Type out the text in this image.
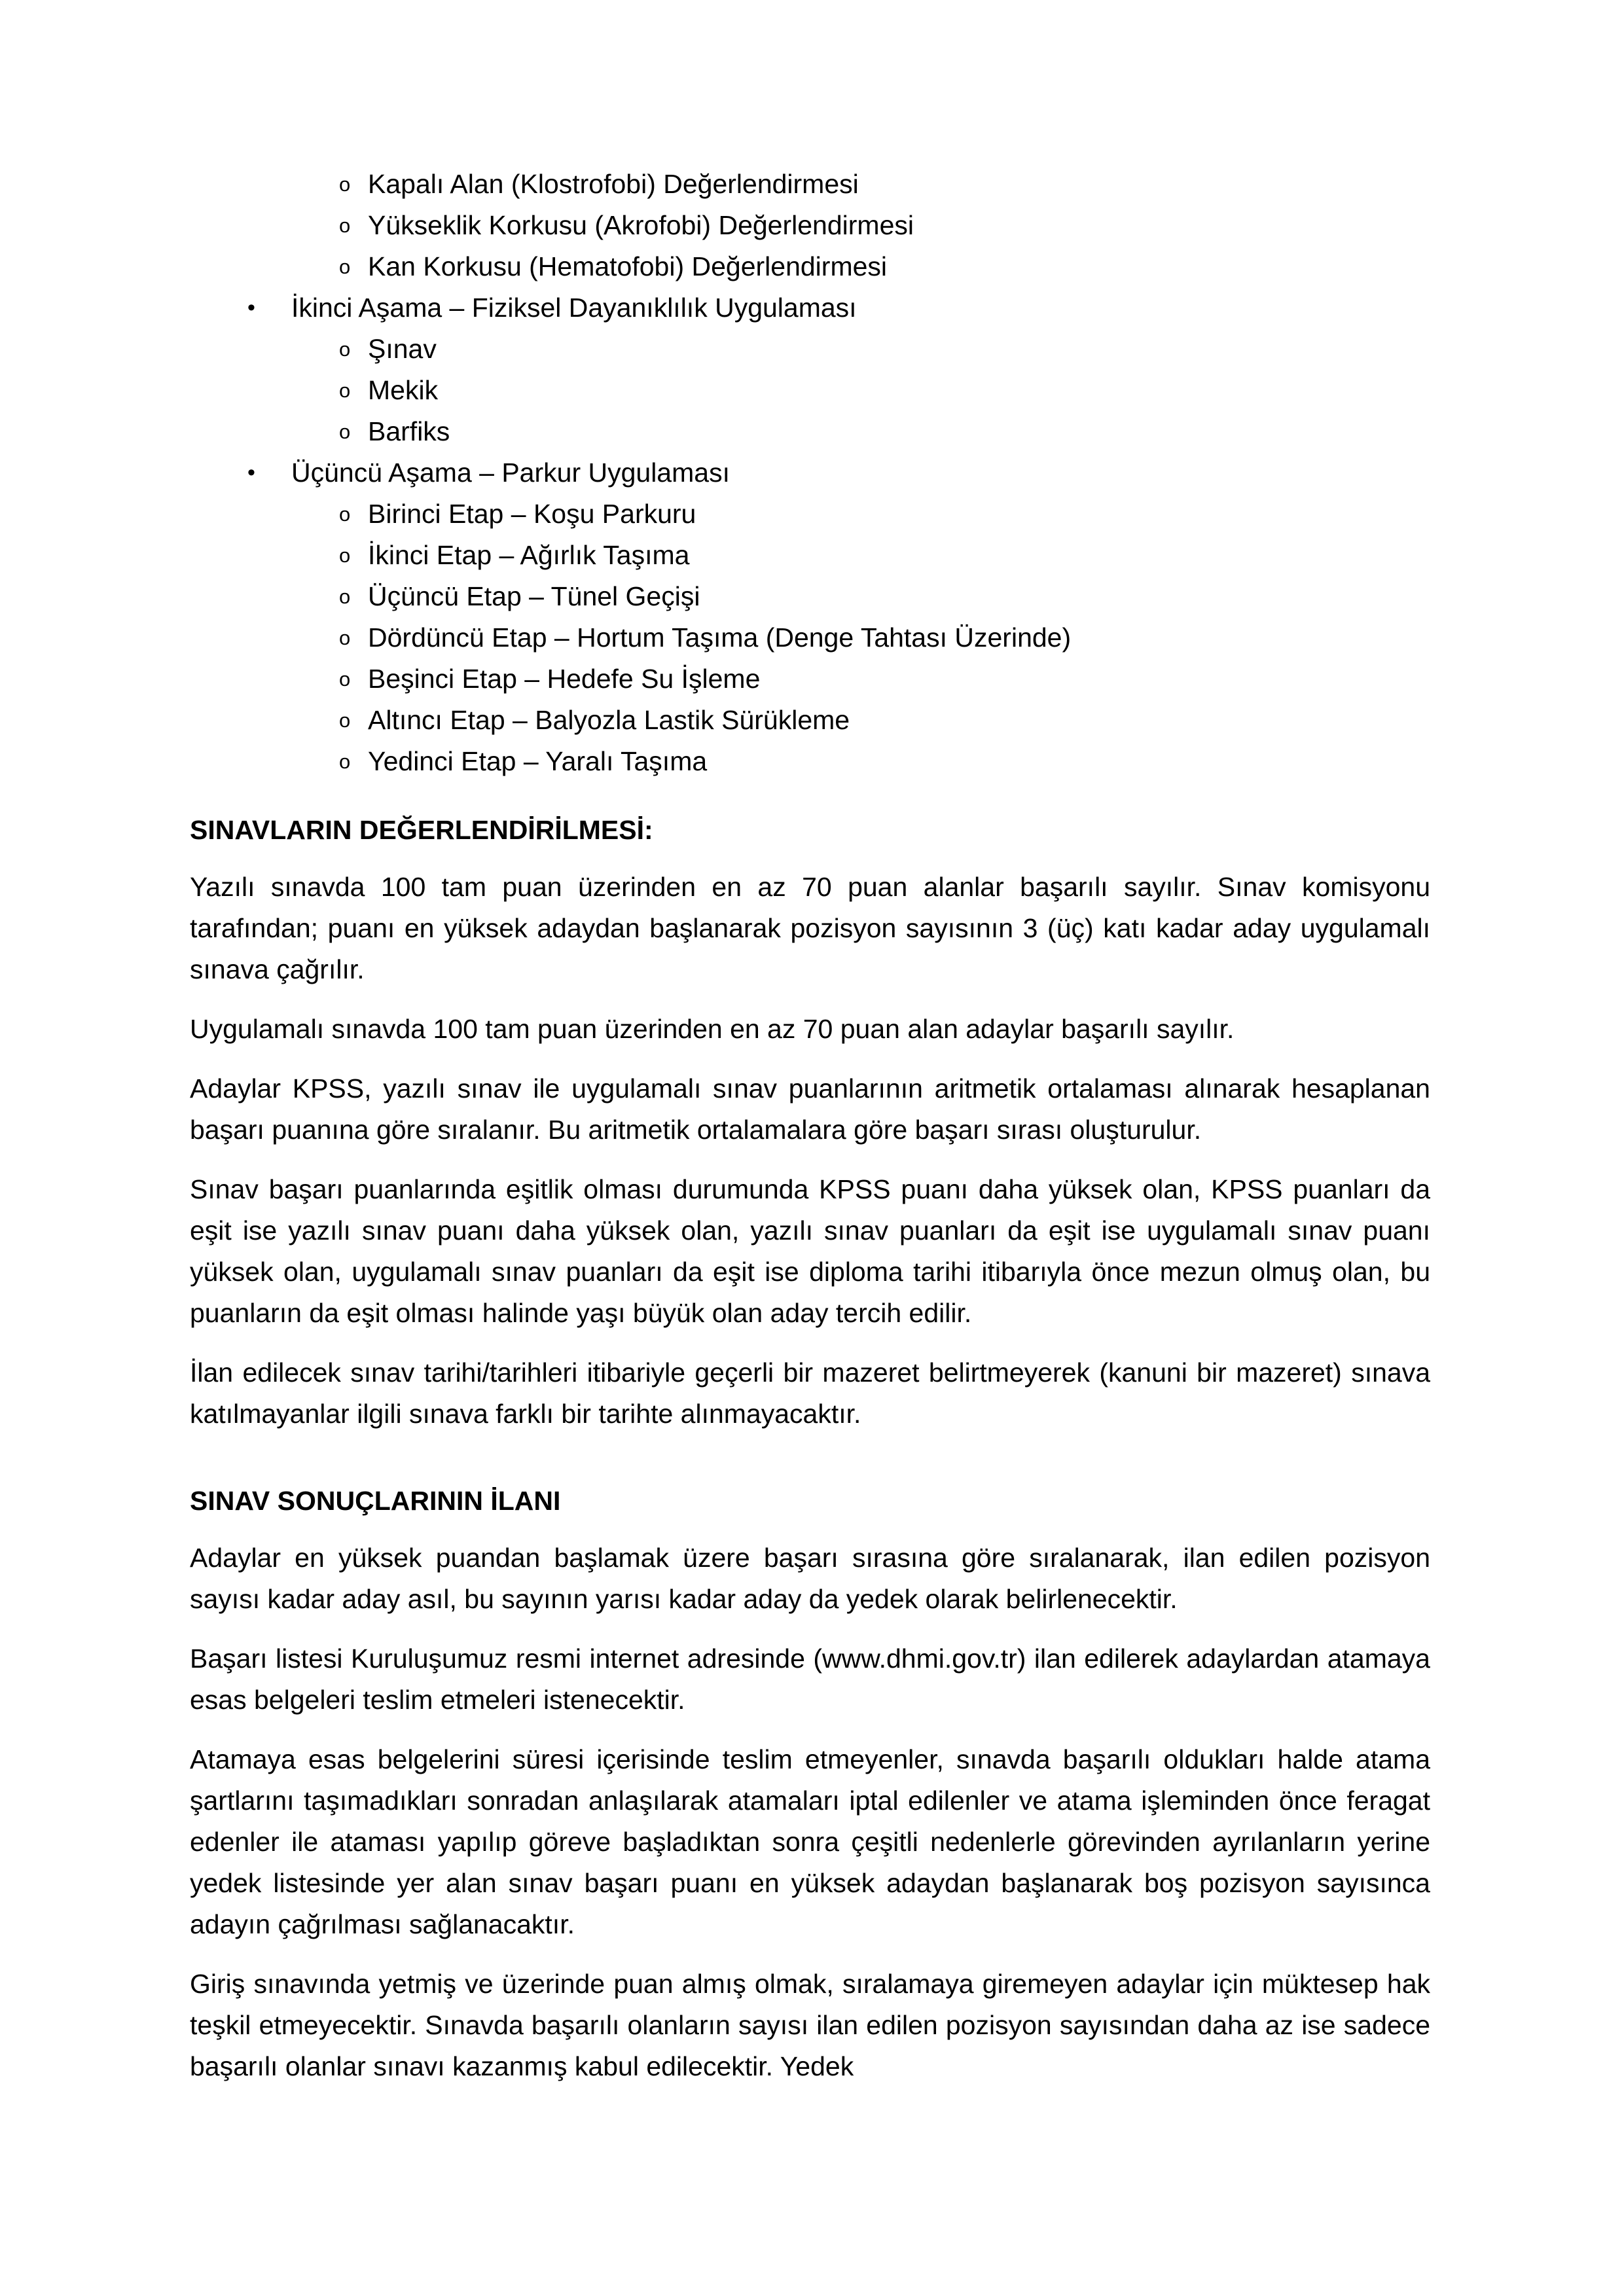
o Kapalı Alan (Klostrofobi) Değerlendirmesi
o Yükseklik Korkusu (Akrofobi) Değerlendirmesi
o Kan Korkusu (Hematofobi) Değerlendirmesi
• İkinci Aşama – Fiziksel Dayanıklılık Uygulaması
o Şınav
o Mekik
o Barfiks
• Üçüncü Aşama – Parkur Uygulaması
o Birinci Etap – Koşu Parkuru
o İkinci Etap – Ağırlık Taşıma
o Üçüncü Etap – Tünel Geçişi
o Dördüncü Etap – Hortum Taşıma (Denge Tahtası Üzerinde)
o Beşinci Etap – Hedefe Su İşleme
o Altıncı Etap – Balyozla Lastik Sürükleme
o Yedinci Etap – Yaralı Taşıma
SINAVLARIN DEĞERLENDİRİLMESİ:

Yazılı sınavda 100 tam puan üzerinden en az 70 puan alanlar başarılı sayılır. Sınav komisyonu tarafından; puanı en yüksek adaydan başlanarak pozisyon sayısının 3 (üç) katı kadar aday uygulamalı sınava çağrılır.

Uygulamalı sınavda 100 tam puan üzerinden en az 70 puan alan adaylar başarılı sayılır.

Adaylar KPSS, yazılı sınav ile uygulamalı sınav puanlarının aritmetik ortalaması alınarak hesaplanan başarı puanına göre sıralanır. Bu aritmetik ortalamalara göre başarı sırası oluşturulur.

Sınav başarı puanlarında eşitlik olması durumunda KPSS puanı daha yüksek olan, KPSS puanları da eşit ise yazılı sınav puanı daha yüksek olan, yazılı sınav puanları da eşit ise uygulamalı sınav puanı yüksek olan, uygulamalı sınav puanları da eşit ise diploma tarihi itibarıyla önce mezun olmuş olan, bu puanların da eşit olması halinde yaşı büyük olan aday tercih edilir.

İlan edilecek sınav tarihi/tarihleri itibariyle geçerli bir mazeret belirtmeyerek (kanuni bir mazeret) sınava katılmayanlar ilgili sınava farklı bir tarihte alınmayacaktır.

SINAV SONUÇLARININ İLANI

Adaylar en yüksek puandan başlamak üzere başarı sırasına göre sıralanarak, ilan edilen pozisyon sayısı kadar aday asıl, bu sayının yarısı kadar aday da yedek olarak belirlenecektir.

Başarı listesi Kuruluşumuz resmi internet adresinde (www.dhmi.gov.tr) ilan edilerek adaylardan atamaya esas belgeleri teslim etmeleri istenecektir.

Atamaya esas belgelerini süresi içerisinde teslim etmeyenler, sınavda başarılı oldukları halde atama şartlarını taşımadıkları sonradan anlaşılarak atamaları iptal edilenler ve atama işleminden önce feragat edenler ile ataması yapılıp göreve başladıktan sonra çeşitli nedenlerle görevinden ayrılanların yerine yedek listesinde yer alan sınav başarı puanı en yüksek adaydan başlanarak boş pozisyon sayısınca adayın çağrılması sağlanacaktır.

Giriş sınavında yetmiş ve üzerinde puan almış olmak, sıralamaya giremeyen adaylar için müktesep hak teşkil etmeyecektir. Sınavda başarılı olanların sayısı ilan edilen pozisyon sayısından daha az ise sadece başarılı olanlar sınavı kazanmış kabul edilecektir. Yedek
